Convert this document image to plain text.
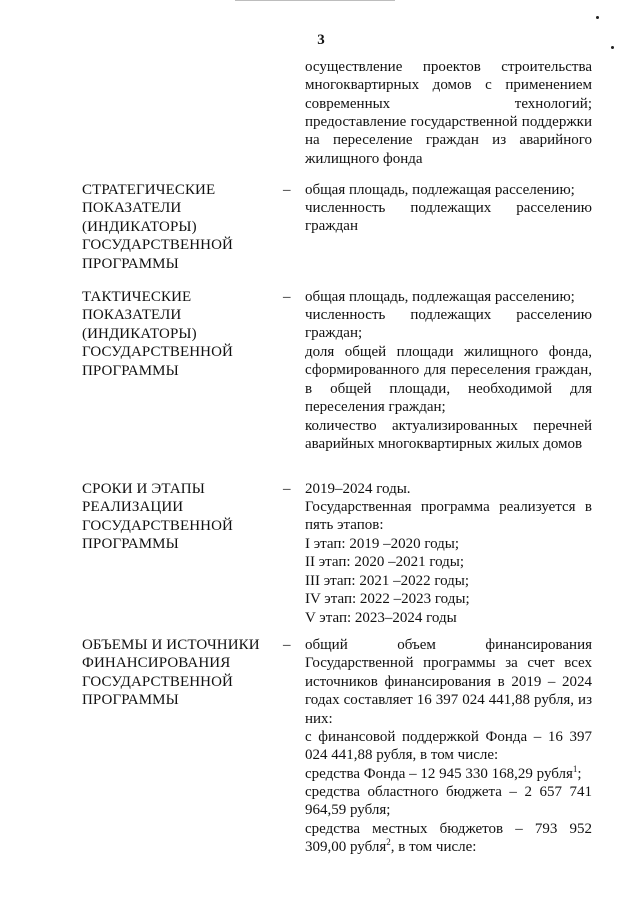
3
осуществление проектов строительства многоквартирных домов с применением современных технологий;
предоставление государственной поддержки на переселение граждан из аварийного жилищного фонда
СТРАТЕГИЧЕСКИЕ ПОКАЗАТЕЛИ (ИНДИКАТОРЫ) ГОСУДАРСТВЕННОЙ ПРОГРАММЫ
– общая площадь, подлежащая расселению;
численность подлежащих расселению граждан
ТАКТИЧЕСКИЕ ПОКАЗАТЕЛИ (ИНДИКАТОРЫ) ГОСУДАРСТВЕННОЙ ПРОГРАММЫ
– общая площадь, подлежащая расселению;
численность подлежащих расселению граждан;
доля общей площади жилищного фонда, сформированного для переселения граждан, в общей площади, необходимой для переселения граждан;
количество актуализированных перечней аварийных многоквартирных жилых домов
СРОКИ И ЭТАПЫ РЕАЛИЗАЦИИ ГОСУДАРСТВЕННОЙ ПРОГРАММЫ
– 2019–2024 годы.
Государственная программа реализуется в пять этапов:
I этап: 2019 –2020 годы;
II этап: 2020 –2021 годы;
III этап: 2021 –2022 годы;
IV этап: 2022 –2023 годы;
V этап: 2023–2024 годы
ОБЪЕМЫ И ИСТОЧНИКИ ФИНАНСИРОВАНИЯ ГОСУДАРСТВЕННОЙ ПРОГРАММЫ
– общий объем финансирования Государственной программы за счет всех источников финансирования в 2019 – 2024 годах составляет 16 397 024 441,88 рубля, из них:
с финансовой поддержкой Фонда – 16 397 024 441,88 рубля, в том числе:
средства Фонда – 12 945 330 168,29 рубля$^1$;
средства областного бюджета – 2 657 741 964,59 рубля;
средства местных бюджетов – 793 952 309,00 рубля$^2$, в том числе:
